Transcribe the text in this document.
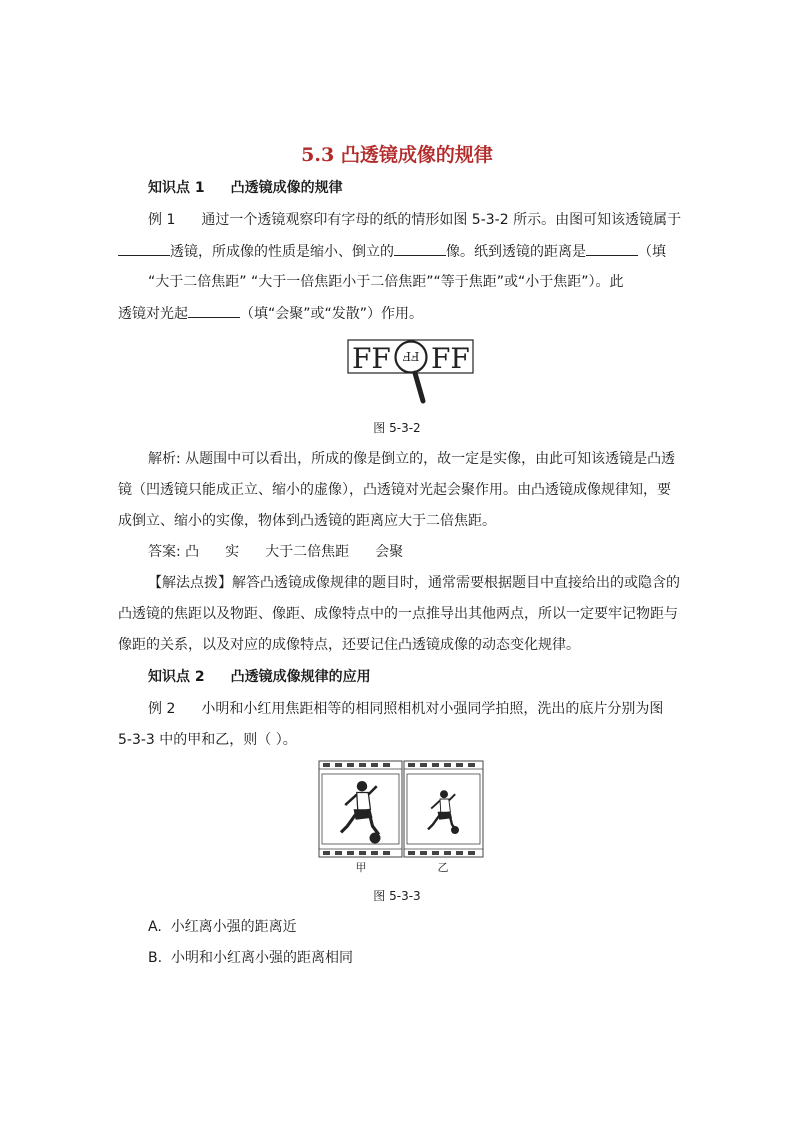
5.3 凸透镜成像的规律
知识点 1 凸透镜成像的规律
例 1 通过一个透镜观察印有字母的纸的情形如图 5-3-2 所示。由图可知该透镜属于
透镜，所成像的性质是缩小、倒立的	像。纸到透镜的距离是	（填
“大于二倍焦距” “大于一倍焦距小于二倍焦距”“等于焦距”或“小于焦距”）。此
透镜对光起	（填“会聚”或“发散”）作用。
FF FF
FF
图 5-3-2
解析: 从题围中可以看出，所成的像是倒立的，故一定是实像，由此可知该透镜是凸透
镜（凹透镜只能成正立、缩小的虚像），凸透镜对光起会聚作用。由凸透镜成像规律知，要
成倒立、缩小的实像，物体到凸透镜的距离应大于二倍焦距。
答案: 凸 实 大于二倍焦距 会聚
【解法点拨】解答凸透镜成像规律的题目时，通常需要根据题目中直接给出的或隐含的
凸透镜的焦距以及物距、像距、成像特点中的一点推导出其他两点，所以一定要牢记物距与
像距的关系，以及对应的成像特点，还要记住凸透镜成像的动态变化规律。
知识点 2 凸透镜成像规律的应用
例 2 小明和小红用焦距相等的相同照相机对小强同学拍照，洗出的底片分别为图
5-3-3 中的甲和乙，则（ ）。
甲	乙
图 5-3-3
A. 小红离小强的距离近
B. 小明和小红离小强的距离相同
